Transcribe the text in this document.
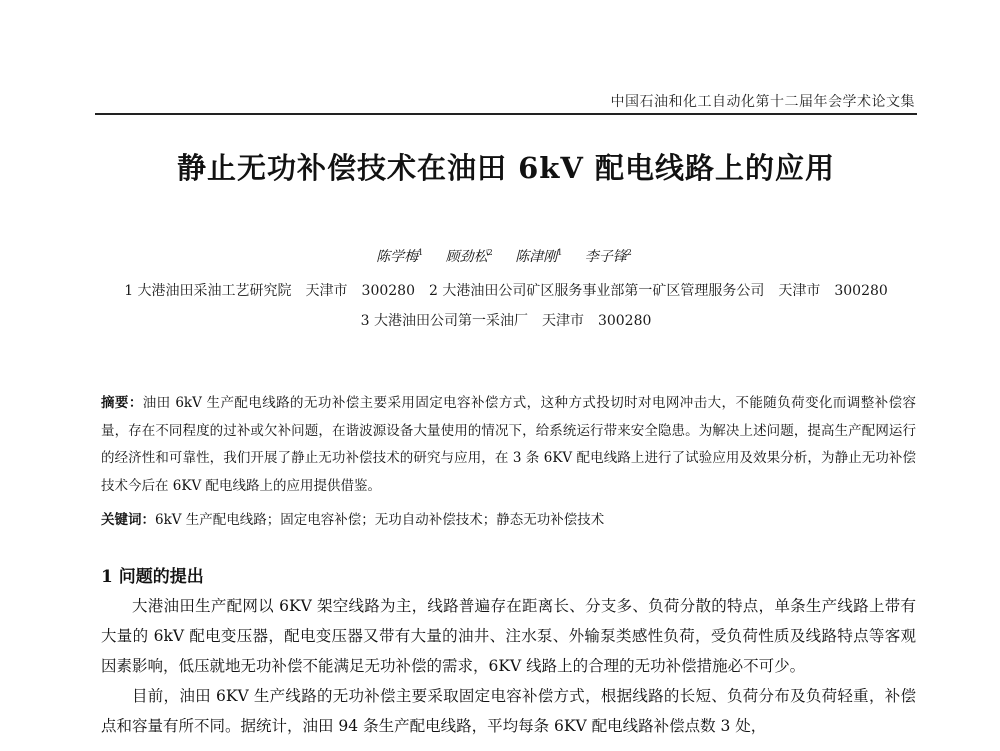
中国石油和化工自动化第十二届年会学术论文集
静止无功补偿技术在油田 6kV 配电线路上的应用
陈学梅$^1$ 顾劲松$^2$ 陈津刚$^1$ 李子锋$^2$
1 大港油田采油工艺研究院　天津市　300280　2 大港油田公司矿区服务事业部第一矿区管理服务公司　天津市　300280
3 大港油田公司第一采油厂　天津市　300280
摘要：油田 6kV 生产配电线路的无功补偿主要采用固定电容补偿方式，这种方式投切时对电网冲击大，不能随负荷变化而调整补偿容量，存在不同程度的过补或欠补问题，在谐波源设备大量使用的情况下，给系统运行带来安全隐患。为解决上述问题，提高生产配网运行的经济性和可靠性，我们开展了静止无功补偿技术的研究与应用，在 3 条 6KV 配电线路上进行了试验应用及效果分析，为静止无功补偿技术今后在 6KV 配电线路上的应用提供借鉴。
关键词：6kV 生产配电线路；固定电容补偿；无功自动补偿技术；静态无功补偿技术
1 问题的提出

大港油田生产配网以 6KV 架空线路为主，线路普遍存在距离长、分支多、负荷分散的特点，单条生产线路上带有大量的 6kV 配电变压器，配电变压器又带有大量的油井、注水泵、外输泵类感性负荷，受负荷性质及线路特点等客观因素影响，低压就地无功补偿不能满足无功补偿的需求，6KV 线路上的合理的无功补偿措施必不可少。

目前，油田 6KV 生产线路的无功补偿主要采取固定电容补偿方式，根据线路的长短、负荷分布及负荷轻重，补偿点和容量有所不同。据统计，油田 94 条生产配电线路，平均每条 6KV 配电线路补偿点数 3 处，
